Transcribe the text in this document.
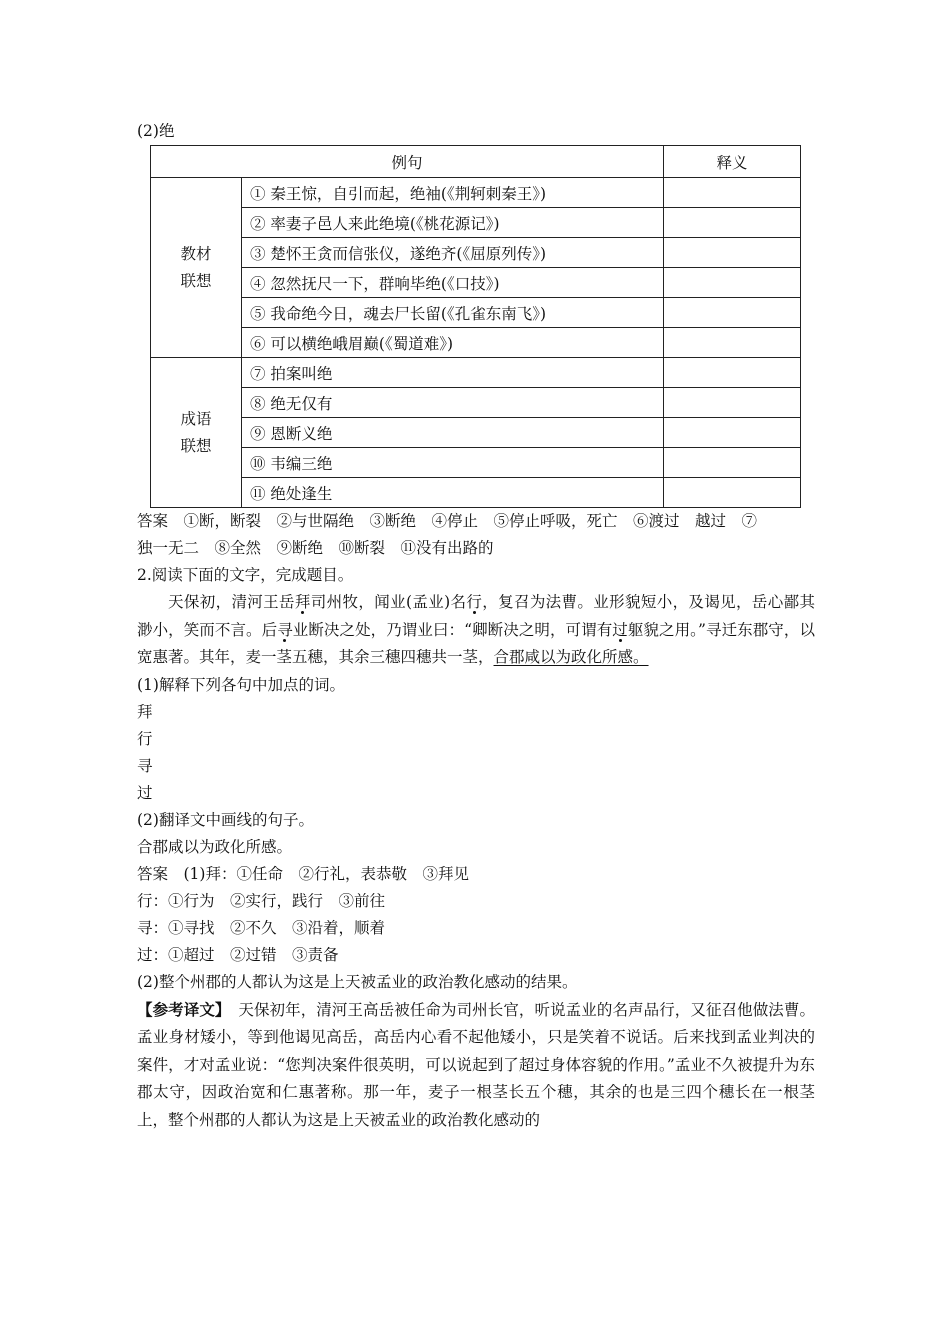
(2)绝
例句		释义

教材
联想	① 秦王惊，自引而起，绝袖(《荆轲刺秦王》)	
	② 率妻子邑人来此绝境(《桃花源记》)	
	③ 楚怀王贪而信张仪，遂绝齐(《屈原列传》)	
	④ 忽然抚尺一下，群响毕绝(《口技》)	
	⑤ 我命绝今日，魂去尸长留(《孔雀东南飞》)	
	⑥ 可以横绝峨眉巅(《蜀道难》)	

成语
联想	⑦ 拍案叫绝	
	⑧ 绝无仅有	
	⑨ 恩断义绝	
	⑩ 韦编三绝	
	⑪ 绝处逢生	
答案　①断，断裂　②与世隔绝　③断绝　④停止　⑤停止呼吸，死亡　⑥渡过　越过　⑦
独一无二　⑧全然　⑨断绝　⑩断裂　⑪没有出路的
2.阅读下面的文字，完成题目。
天保初，清河王岳拜司州牧，闻业(孟业)名行，复召为法曹。业形貌短小，及谒见，岳心鄙其渺小，笑而不言。后寻业断决之处，乃谓业曰：“卿断决之明，可谓有过躯貌之用。”寻迁东郡守，以宽惠著。其年，麦一茎五穗，其余三穗四穗共一茎，合郡咸以为政化所感。
(1)解释下列各句中加点的词。
拜
行
寻
过
(2)翻译文中画线的句子。
合郡咸以为政化所感。
答案　(1)拜：①任命　②行礼，表恭敬　③拜见
行：①行为　②实行，践行　③前往
寻：①寻找　②不久　③沿着，顺着
过：①超过　②过错　③责备
(2)整个州郡的人都认为这是上天被孟业的政治教化感动的结果。
【参考译文】　天保初年，清河王高岳被任命为司州长官，听说孟业的名声品行，又征召他做法曹。孟业身材矮小，等到他谒见高岳，高岳内心看不起他矮小，只是笑着不说话。后来找到孟业判决的案件，才对孟业说：“您判决案件很英明，可以说起到了超过身体容貌的作用。”孟业不久被提升为东郡太守，因政治宽和仁惠著称。那一年，麦子一根茎长五个穗，其余的也是三四个穗长在一根茎上，整个州郡的人都认为这是上天被孟业的政治教化感动的
